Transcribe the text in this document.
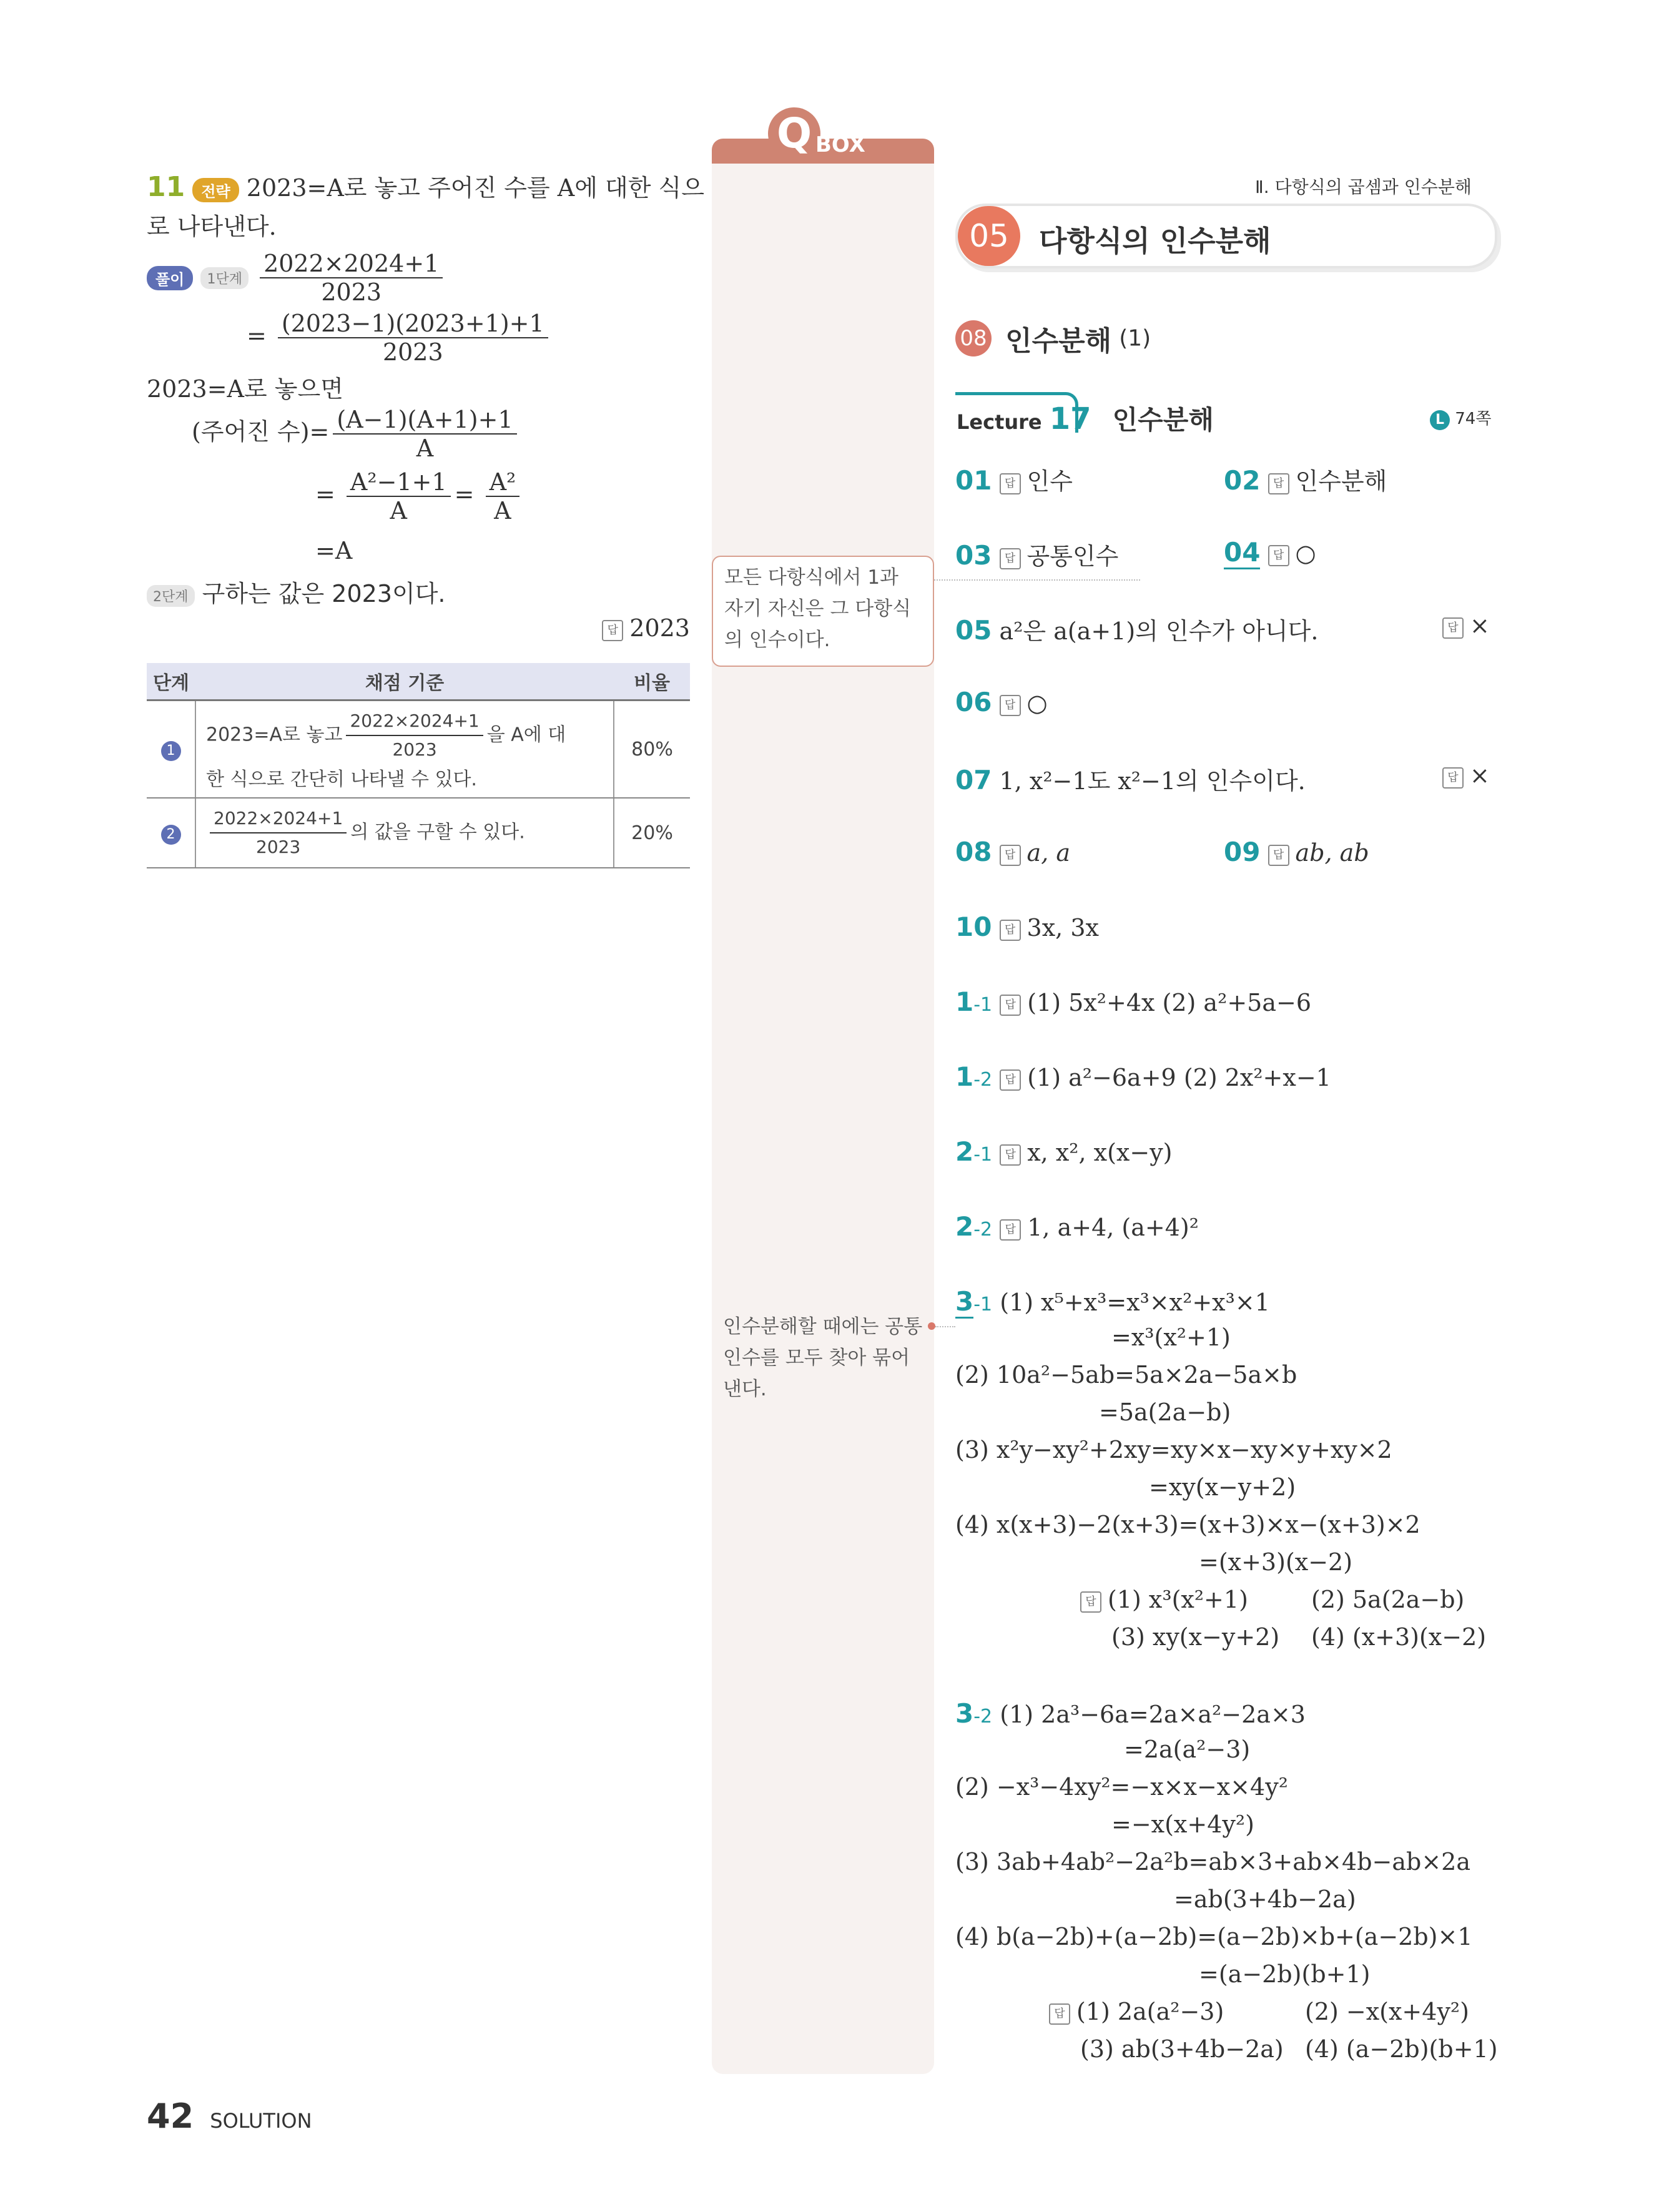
11 전략 2023=A로 놓고 주어진 수를 A에 대한 식으
로 나타낸다.
풀이 1단계 $\frac{2022\times 2024+1}{2023}$
= $\frac{(2023-1)(2023+1)+1}{2023}$
2023=A로 놓으면
(주어진 수)= $\frac{(A-1)(A+1)+1}{A}$
= $\frac{\text{A²−1+1}}{A} = \frac{\text{A²}}{A}$
=A
2단계 구하는 값은 2023이다.
답 2023
단계	채점 기준	비율
1	2023=A로 놓고 $\frac{2022\times 2024+1}{2023}$ 을 A에 대
한 식으로 간단히 나타낼 수 있다.	80%
2	$\frac{2022\times 2024+1}{2023}$ 의 값을 구할 수 있다.	20%
Q BOX
모든 다항식에서 1과 자기 자신은 그 다항식의 인수이다.
인수분해할 때에는 공통인수를 모두 찾아 묶어 낸다.
Ⅱ. 다항식의 곱셈과 인수분해
05	다항식의 인수분해
08 인수분해 (1)
Lecture 17 인수분해	L 74쪽
01 답 인수	02 답 인수분해
03 답 공통인수	04 답 ○
05 a²은 a(a+1)의 인수가 아니다.	답 ×
06 답 ○
07 1, x²−1도 x²−1의 인수이다.	답 ×
08 답 a, a	09 답 ab, ab
10 답 3x, 3x
1-1 답 (1) 5x²+4x (2) a²+5a−6
1-2 답 (1) a²−6a+9 (2) 2x²+x−1
2-1 답 x, x², x(x−y)
2-2 답 1, a+4, (a+4)²
3-1 (1) x⁵+x³=x³×x²+x³×1
=x³(x²+1)
(2) 10a²−5ab=5a×2a−5a×b
=5a(2a−b)
(3) x²y−xy²+2xy=xy×x−xy×y+xy×2
=xy(x−y+2)
(4) x(x+3)−2(x+3)=(x+3)×x−(x+3)×2
=(x+3)(x−2)
답 (1) x³(x²+1)	(2) 5a(2a−b)
(3) xy(x−y+2) (4) (x+3)(x−2)
3-2 (1) 2a³−6a=2a×a²−2a×3
=2a(a²−3)
(2) −x³−4xy²=−x×x−x×4y²
=−x(x+4y²)
(3) 3ab+4ab²−2a²b=ab×3+ab×4b−ab×2a
=ab(3+4b−2a)
(4) b(a−2b)+(a−2b)=(a−2b)×b+(a−2b)×1
=(a−2b)(b+1)
답 (1) 2a(a²−3)	(2) −x(x+4y²)
(3) ab(3+4b−2a) (4) (a−2b)(b+1)
42 SOLUTION
